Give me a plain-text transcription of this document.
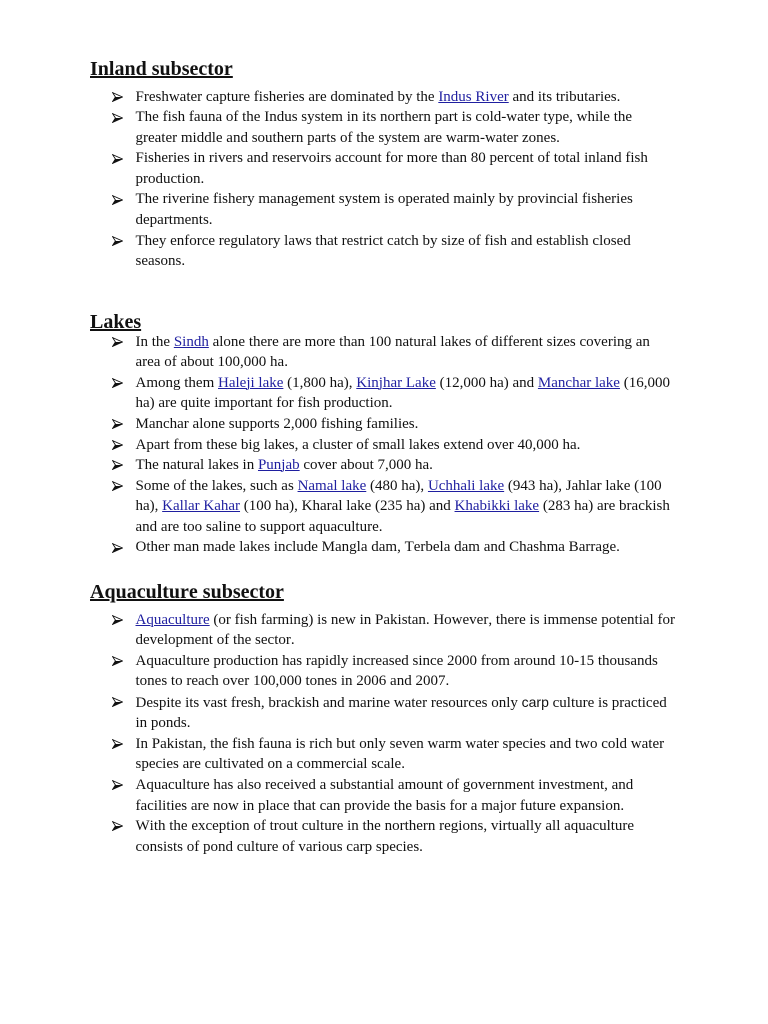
Inland subsector
Freshwater capture fisheries are dominated by the Indus River and its tributaries.
The fish fauna of the Indus system in its northern part is cold-water type, while the greater middle and southern parts of the system are warm-water zones.
Fisheries in rivers and reservoirs account for more than 80 percent of total inland fish production.
The riverine fishery management system is operated mainly by provincial fisheries departments.
They enforce regulatory laws that restrict catch by size of fish and establish closed seasons.
Lakes
In the Sindh alone there are more than 100 natural lakes of different sizes covering an area of about 100,000 ha.
Among them Haleji lake (1,800 ha), Kinjhar Lake (12,000 ha) and Manchar lake (16,000 ha) are quite important for fish production.
Manchar alone supports 2,000 fishing families.
Apart from these big lakes, a cluster of small lakes extend over 40,000 ha.
The natural lakes in Punjab cover about 7,000 ha.
Some of the lakes, such as Namal lake (480 ha), Uchhali lake (943 ha), Jahlar lake (100 ha), Kallar Kahar (100 ha), Kharal lake (235 ha) and Khabikki lake (283 ha) are brackish and are too saline to support aquaculture.
Other man made lakes include Mangla dam, Terbela dam and Chashma Barrage.
Aquaculture subsector
Aquaculture (or fish farming) is new in Pakistan. However, there is immense potential for development of the sector.
Aquaculture production has rapidly increased since 2000 from around 10-15 thousands tones to reach over 100,000 tones in 2006 and 2007.
Despite its vast fresh, brackish and marine water resources only carp culture is practiced in ponds.
In Pakistan, the fish fauna is rich but only seven warm water species and two cold water species are cultivated on a commercial scale.
Aquaculture has also received a substantial amount of government investment, and facilities are now in place that can provide the basis for a major future expansion.
With the exception of trout culture in the northern regions, virtually all aquaculture consists of pond culture of various carp species.
